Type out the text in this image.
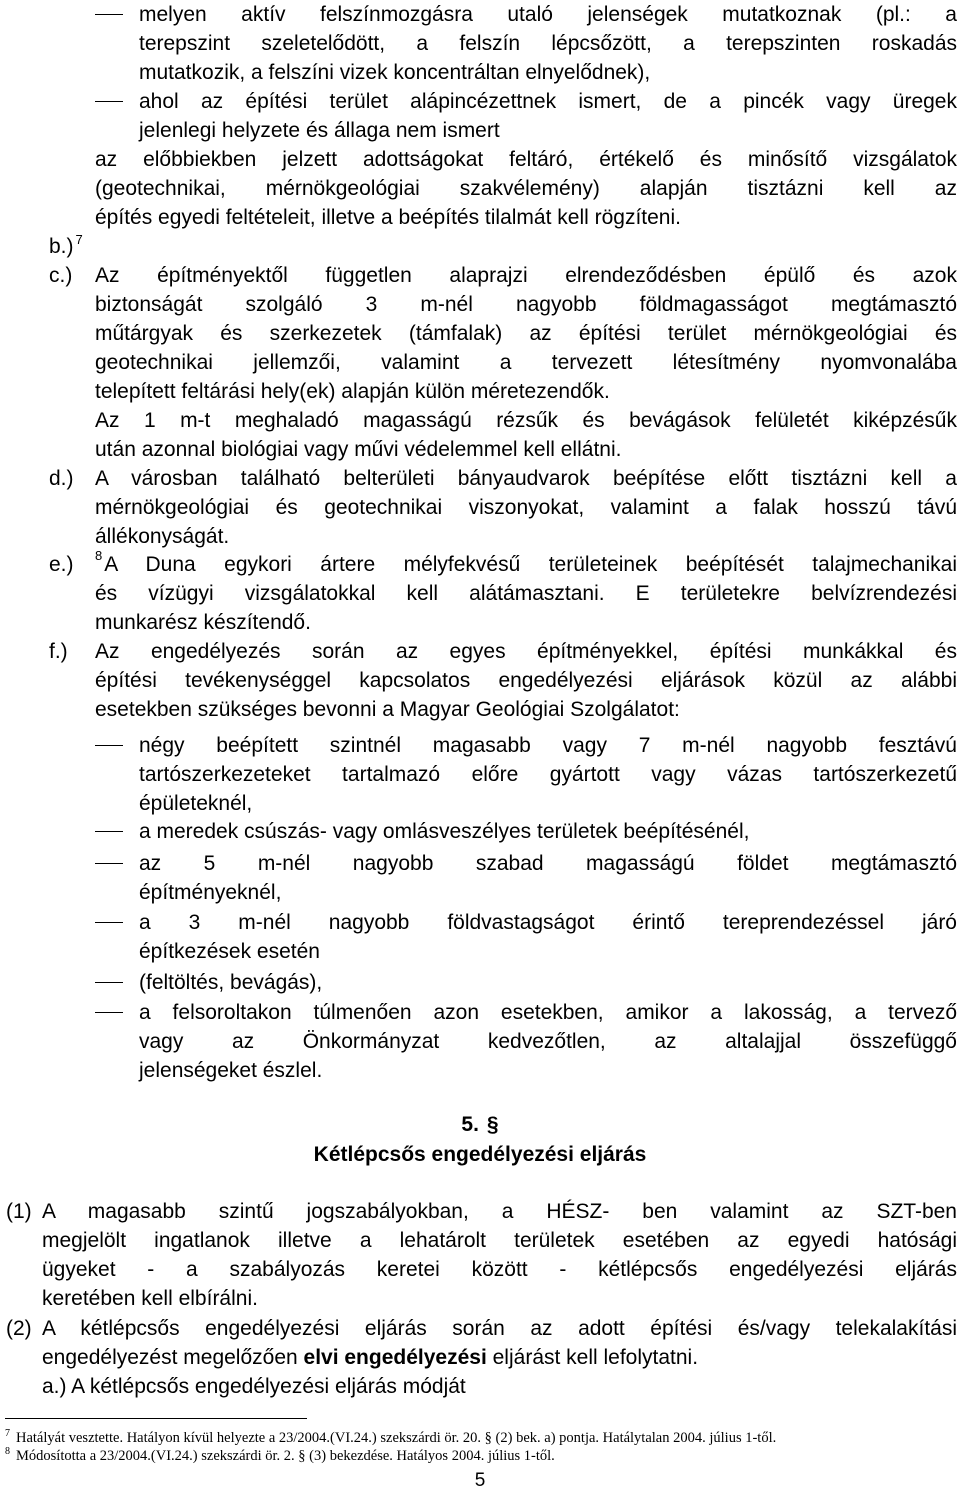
melyen aktív felszínmozgásra utaló jelenségek mutatkoznak (pl.: a
terepszint szeletelődött, a felszín lépcsőzött, a terepszinten roskadás
mutatkozik, a felszíni vizek koncentráltan elnyelődnek),
ahol az építési terület alápincézettnek ismert, de a pincék vagy üregek
jelenlegi helyzete és állaga nem ismert
az előbbiekben jelzett adottságokat feltáró, értékelő és minősítő vizsgálatok
(geotechnikai, mérnökgeológiai szakvélemény) alapján tisztázni kell az
építés egyedi feltételeit, illetve a beépítés tilalmát kell rögzíteni.
b.) $^7$
c.) Az építményektől független alaprajzi elrendeződésben épülő és azok
biztonságát szolgáló 3 m-nél nagyobb földmagasságot megtámasztó
műtárgyak és szerkezetek (támfalak) az építési terület mérnökgeológiai és
geotechnikai jellemzői, valamint a tervezett létesítmény nyomvonalába
telepített feltárási hely(ek) alapján külön méretezendők.
Az 1 m-t meghaladó magasságú rézsűk és bevágások felületét kiképzésűk
után azonnal biológiai vagy művi védelemmel kell ellátni.
d.) A városban található belterületi bányaudvarok beépítése előtt tisztázni kell a
mérnökgeológiai és geotechnikai viszonyokat, valamint a falak hosszú távú
állékonyságát.
e.) 8 A Duna egykori ártere mélyfekvésű területeinek beépítését talajmechanikai
és vízügyi vizsgálatokkal kell alátámasztani. E területekre belvízrendezési
munkarész készítendő.
f.) Az engedélyezés során az egyes építményekkel, építési munkákkal és
építési tevékenységgel kapcsolatos engedélyezési eljárások közül az alábbi
esetekben szükséges bevonni a Magyar Geológiai Szolgálatot:
négy beépített szintnél magasabb vagy 7 m-nél nagyobb fesztávú
tartószerkezeteket tartalmazó előre gyártott vagy vázas tartószerkezetű
épületeknél,
a meredek csúszás- vagy omlásveszélyes területek beépítésénél,
az 5 m-nél nagyobb szabad magasságú földet megtámasztó
építményeknél,
a 3 m-nél nagyobb földvastagságot érintő tereprendezéssel járó
építkezések esetén
(feltöltés, bevágás),
a felsoroltakon túlmenően azon esetekben, amikor a lakosság, a tervező
vagy az Önkormányzat kedvezőtlen, az altalajjal összefüggő
jelenségeket észlel.
5. §
Kétlépcsős engedélyezési eljárás
(1) A magasabb szintű jogszabályokban, a HÉSZ- ben valamint az SZT-ben
megjelölt ingatlanok illetve a lehatárolt területek esetében az egyedi hatósági
ügyeket - a szabályozás keretei között - kétlépcsős engedélyezési eljárás
keretében kell elbírálni.
(2) A kétlépcsős engedélyezési eljárás során az adott építési és/vagy telekalakítási
engedélyezést megelőzően elvi engedélyezési eljárást kell lefolytatni.
a.) A kétlépcsős engedélyezési eljárás módját
$^7$ Hatályát vesztette. Hatályon kívül helyezte a 23/2004.(VI.24.) szekszárdi ör. 20. § (2) bek. a) pontja. Hatálytalan 2004. július 1-től.
$^8$ Módosította a 23/2004.(VI.24.) szekszárdi ör. 2. § (3) bekezdése. Hatályos 2004. július 1-től.
5
